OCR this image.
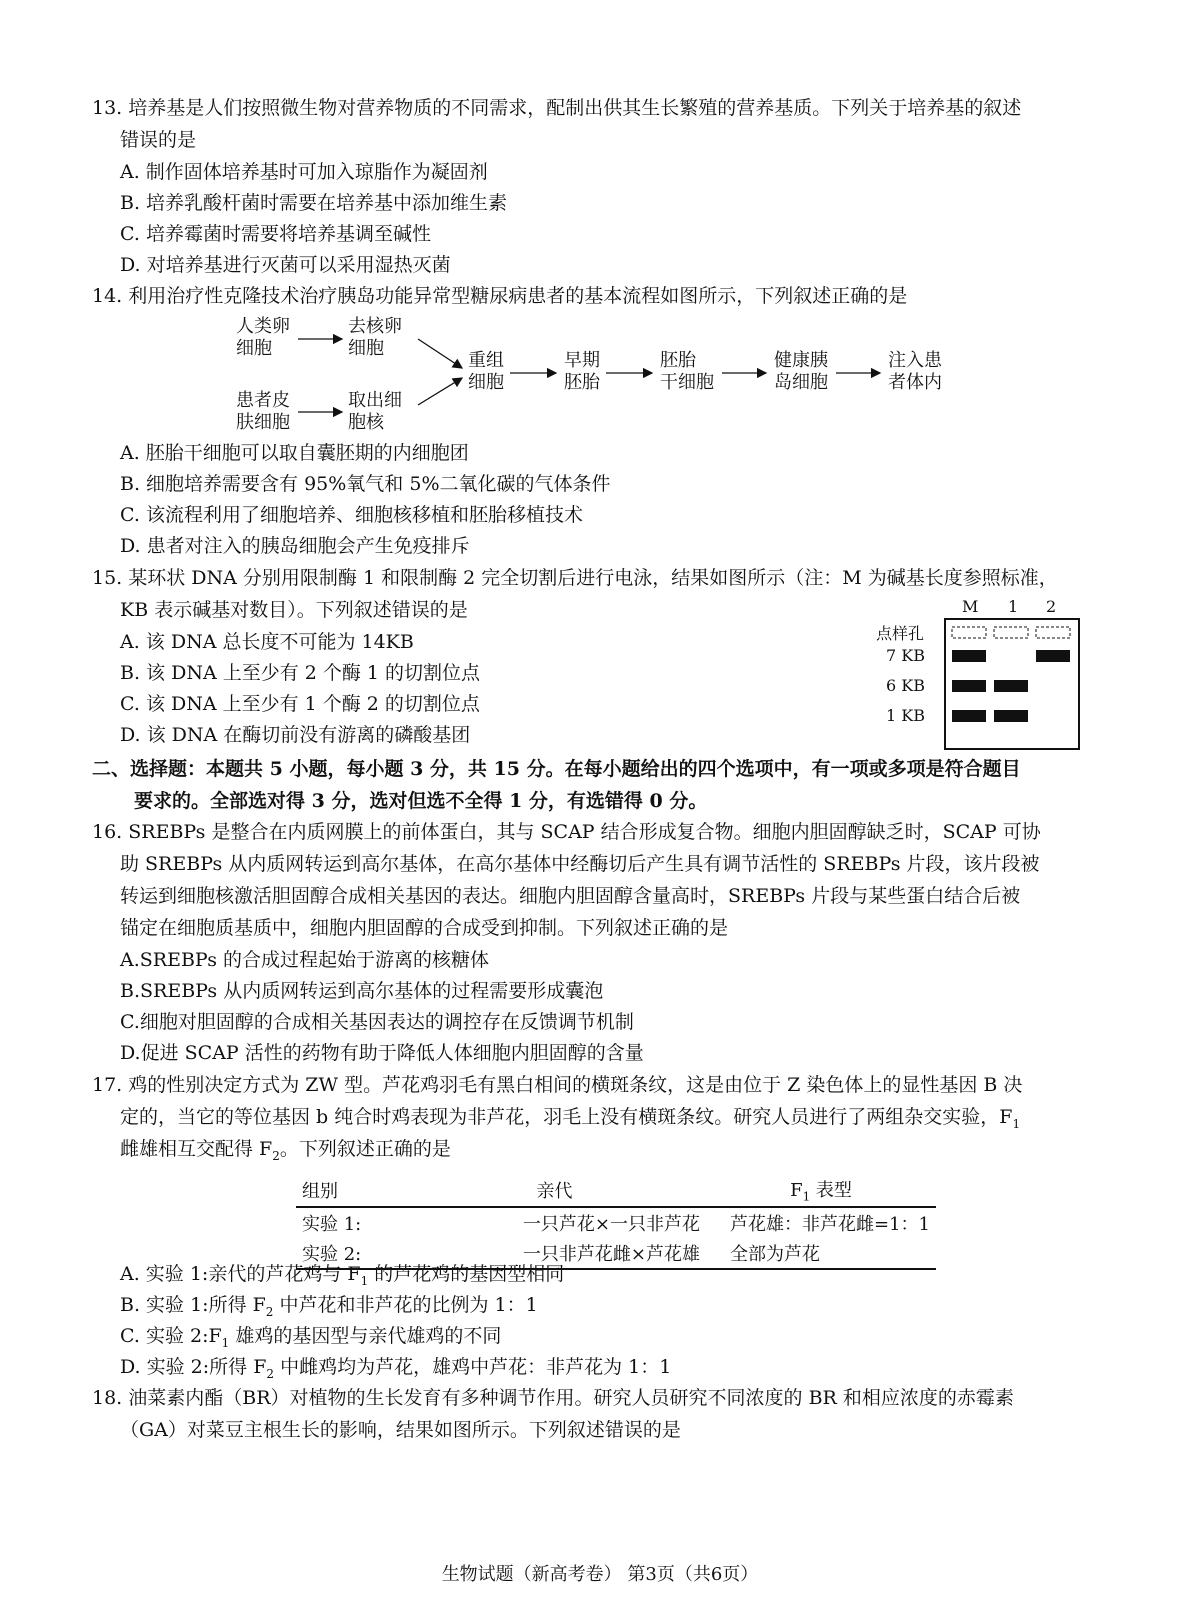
13. 培养基是人们按照微生物对营养物质的不同需求，配制出供其生长繁殖的营养基质。下列关于培养基的叙述
错误的是
A. 制作固体培养基时可加入琼脂作为凝固剂
B. 培养乳酸杆菌时需要在培养基中添加维生素
C. 培养霉菌时需要将培养基调至碱性
D. 对培养基进行灭菌可以采用湿热灭菌
14. 利用治疗性克隆技术治疗胰岛功能异常型糖尿病患者的基本流程如图所示，下列叙述正确的是
人类卵
细胞
去核卵
细胞
患者皮
肤细胞
取出细
胞核
重组
细胞
早期
胚胎
胚胎
干细胞
健康胰
岛细胞
注入患
者体内
A. 胚胎干细胞可以取自囊胚期的内细胞团
B. 细胞培养需要含有 95%氧气和 5%二氧化碳的气体条件
C. 该流程利用了细胞培养、细胞核移植和胚胎移植技术
D. 患者对注入的胰岛细胞会产生免疫排斥
15. 某环状 DNA 分别用限制酶 1 和限制酶 2 完全切割后进行电泳，结果如图所示（注：M 为碱基长度参照标准，
KB 表示碱基对数目）。下列叙述错误的是
A. 该 DNA 总长度不可能为 14KB
B. 该 DNA 上至少有 2 个酶 1 的切割位点
C. 该 DNA 上至少有 1 个酶 2 的切割位点
D. 该 DNA 在酶切前没有游离的磷酸基团
M 1 2
点样孔
7 KB
6 KB
1 KB
二、选择题：本题共 5 小题，每小题 3 分，共 15 分。在每小题给出的四个选项中，有一项或多项是符合题目
要求的。全部选对得 3 分，选对但选不全得 1 分，有选错得 0 分。
16. SREBPs 是整合在内质网膜上的前体蛋白，其与 SCAP 结合形成复合物。细胞内胆固醇缺乏时，SCAP 可协
助 SREBPs 从内质网转运到高尔基体，在高尔基体中经酶切后产生具有调节活性的 SREBPs 片段，该片段被
转运到细胞核激活胆固醇合成相关基因的表达。细胞内胆固醇含量高时，SREBPs 片段与某些蛋白结合后被
锚定在细胞质基质中，细胞内胆固醇的合成受到抑制。下列叙述正确的是
A.SREBPs 的合成过程起始于游离的核糖体
B.SREBPs 从内质网转运到高尔基体的过程需要形成囊泡
C.细胞对胆固醇的合成相关基因表达的调控存在反馈调节机制
D.促进 SCAP 活性的药物有助于降低人体细胞内胆固醇的含量
17. 鸡的性别决定方式为 ZW 型。芦花鸡羽毛有黑白相间的横斑条纹，这是由位于 Z 染色体上的显性基因 B 决
定的，当它的等位基因 b 纯合时鸡表现为非芦花，羽毛上没有横斑条纹。研究人员进行了两组杂交实验，$F_1$
雌雄相互交配得 $F_2$。下列叙述正确的是
组别	亲代	$F_1$ 表型
实验 1:	一只芦花×一只非芦花	芦花雄：非芦花雌=1：1
实验 2:	一只非芦花雌×芦花雄	全部为芦花
A. 实验 1:亲代的芦花鸡与 $F_1$ 的芦花鸡的基因型相同
B. 实验 1:所得 $F_2$ 中芦花和非芦花的比例为 1：1
C. 实验 $2:F_1$ 雄鸡的基因型与亲代雄鸡的不同
D. 实验 2:所得 $F_2$ 中雌鸡均为芦花，雄鸡中芦花：非芦花为 1：1
18. 油菜素内酯（BR）对植物的生长发育有多种调节作用。研究人员研究不同浓度的 BR 和相应浓度的赤霉素
（GA）对菜豆主根生长的影响，结果如图所示。下列叙述错误的是
生物试题（新高考卷） 第3页（共6页）
